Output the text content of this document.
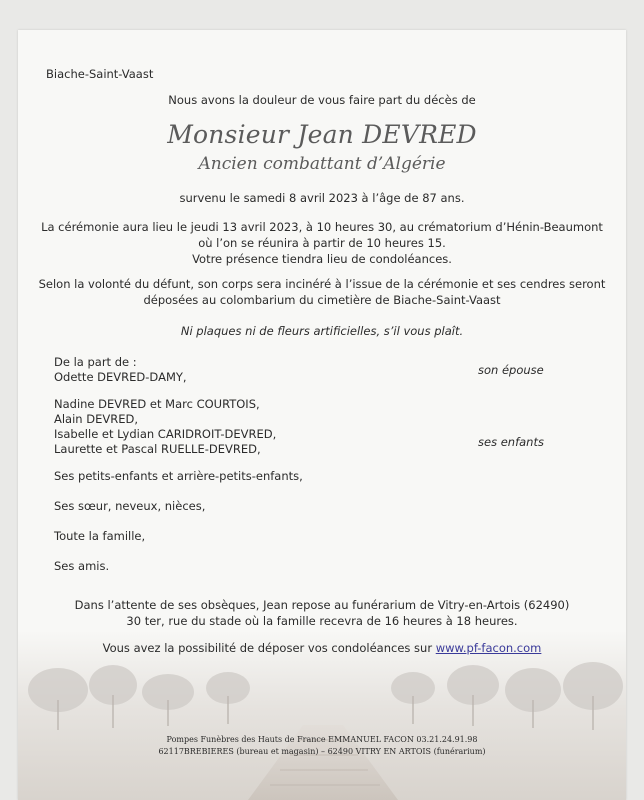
Biache-Saint-Vaast
Nous avons la douleur de vous faire part du décès de
Monsieur Jean DEVRED
Ancien combattant d’Algérie
survenu le samedi 8 avril 2023 à l’âge de 87 ans.
La cérémonie aura lieu le jeudi 13 avril 2023, à 10 heures 30, au crématorium d’Hénin-Beaumont
où l’on se réunira à partir de 10 heures 15.
Votre présence tiendra lieu de condoléances.
Selon la volonté du défunt, son corps sera incinéré à l’issue de la cérémonie et ses cendres seront
déposées au colombarium du cimetière de Biache-Saint-Vaast
Ni plaques ni de fleurs artificielles, s’il vous plaît.
De la part de :
Odette DEVRED-DAMY,	son épouse
Nadine DEVRED et Marc COURTOIS,
Alain DEVRED,
Isabelle et Lydian CARIDROIT-DEVRED,
Laurette et Pascal RUELLE-DEVRED,	ses enfants
Ses petits-enfants et arrière-petits-enfants,
Ses sœur, neveux, nièces,
Toute la famille,
Ses amis.
Dans l’attente de ses obsèques, Jean repose au funérarium de Vitry-en-Artois (62490)
30 ter, rue du stade où la famille recevra de 16 heures à 18 heures.
Vous avez la possibilité de déposer vos condoléances sur www.pf-facon.com
Pompes Funèbres des Hauts de France EMMANUEL FACON 03.21.24.91.98
62117BREBIERES (bureau et magasin) – 62490 VITRY EN ARTOIS (funérarium)
